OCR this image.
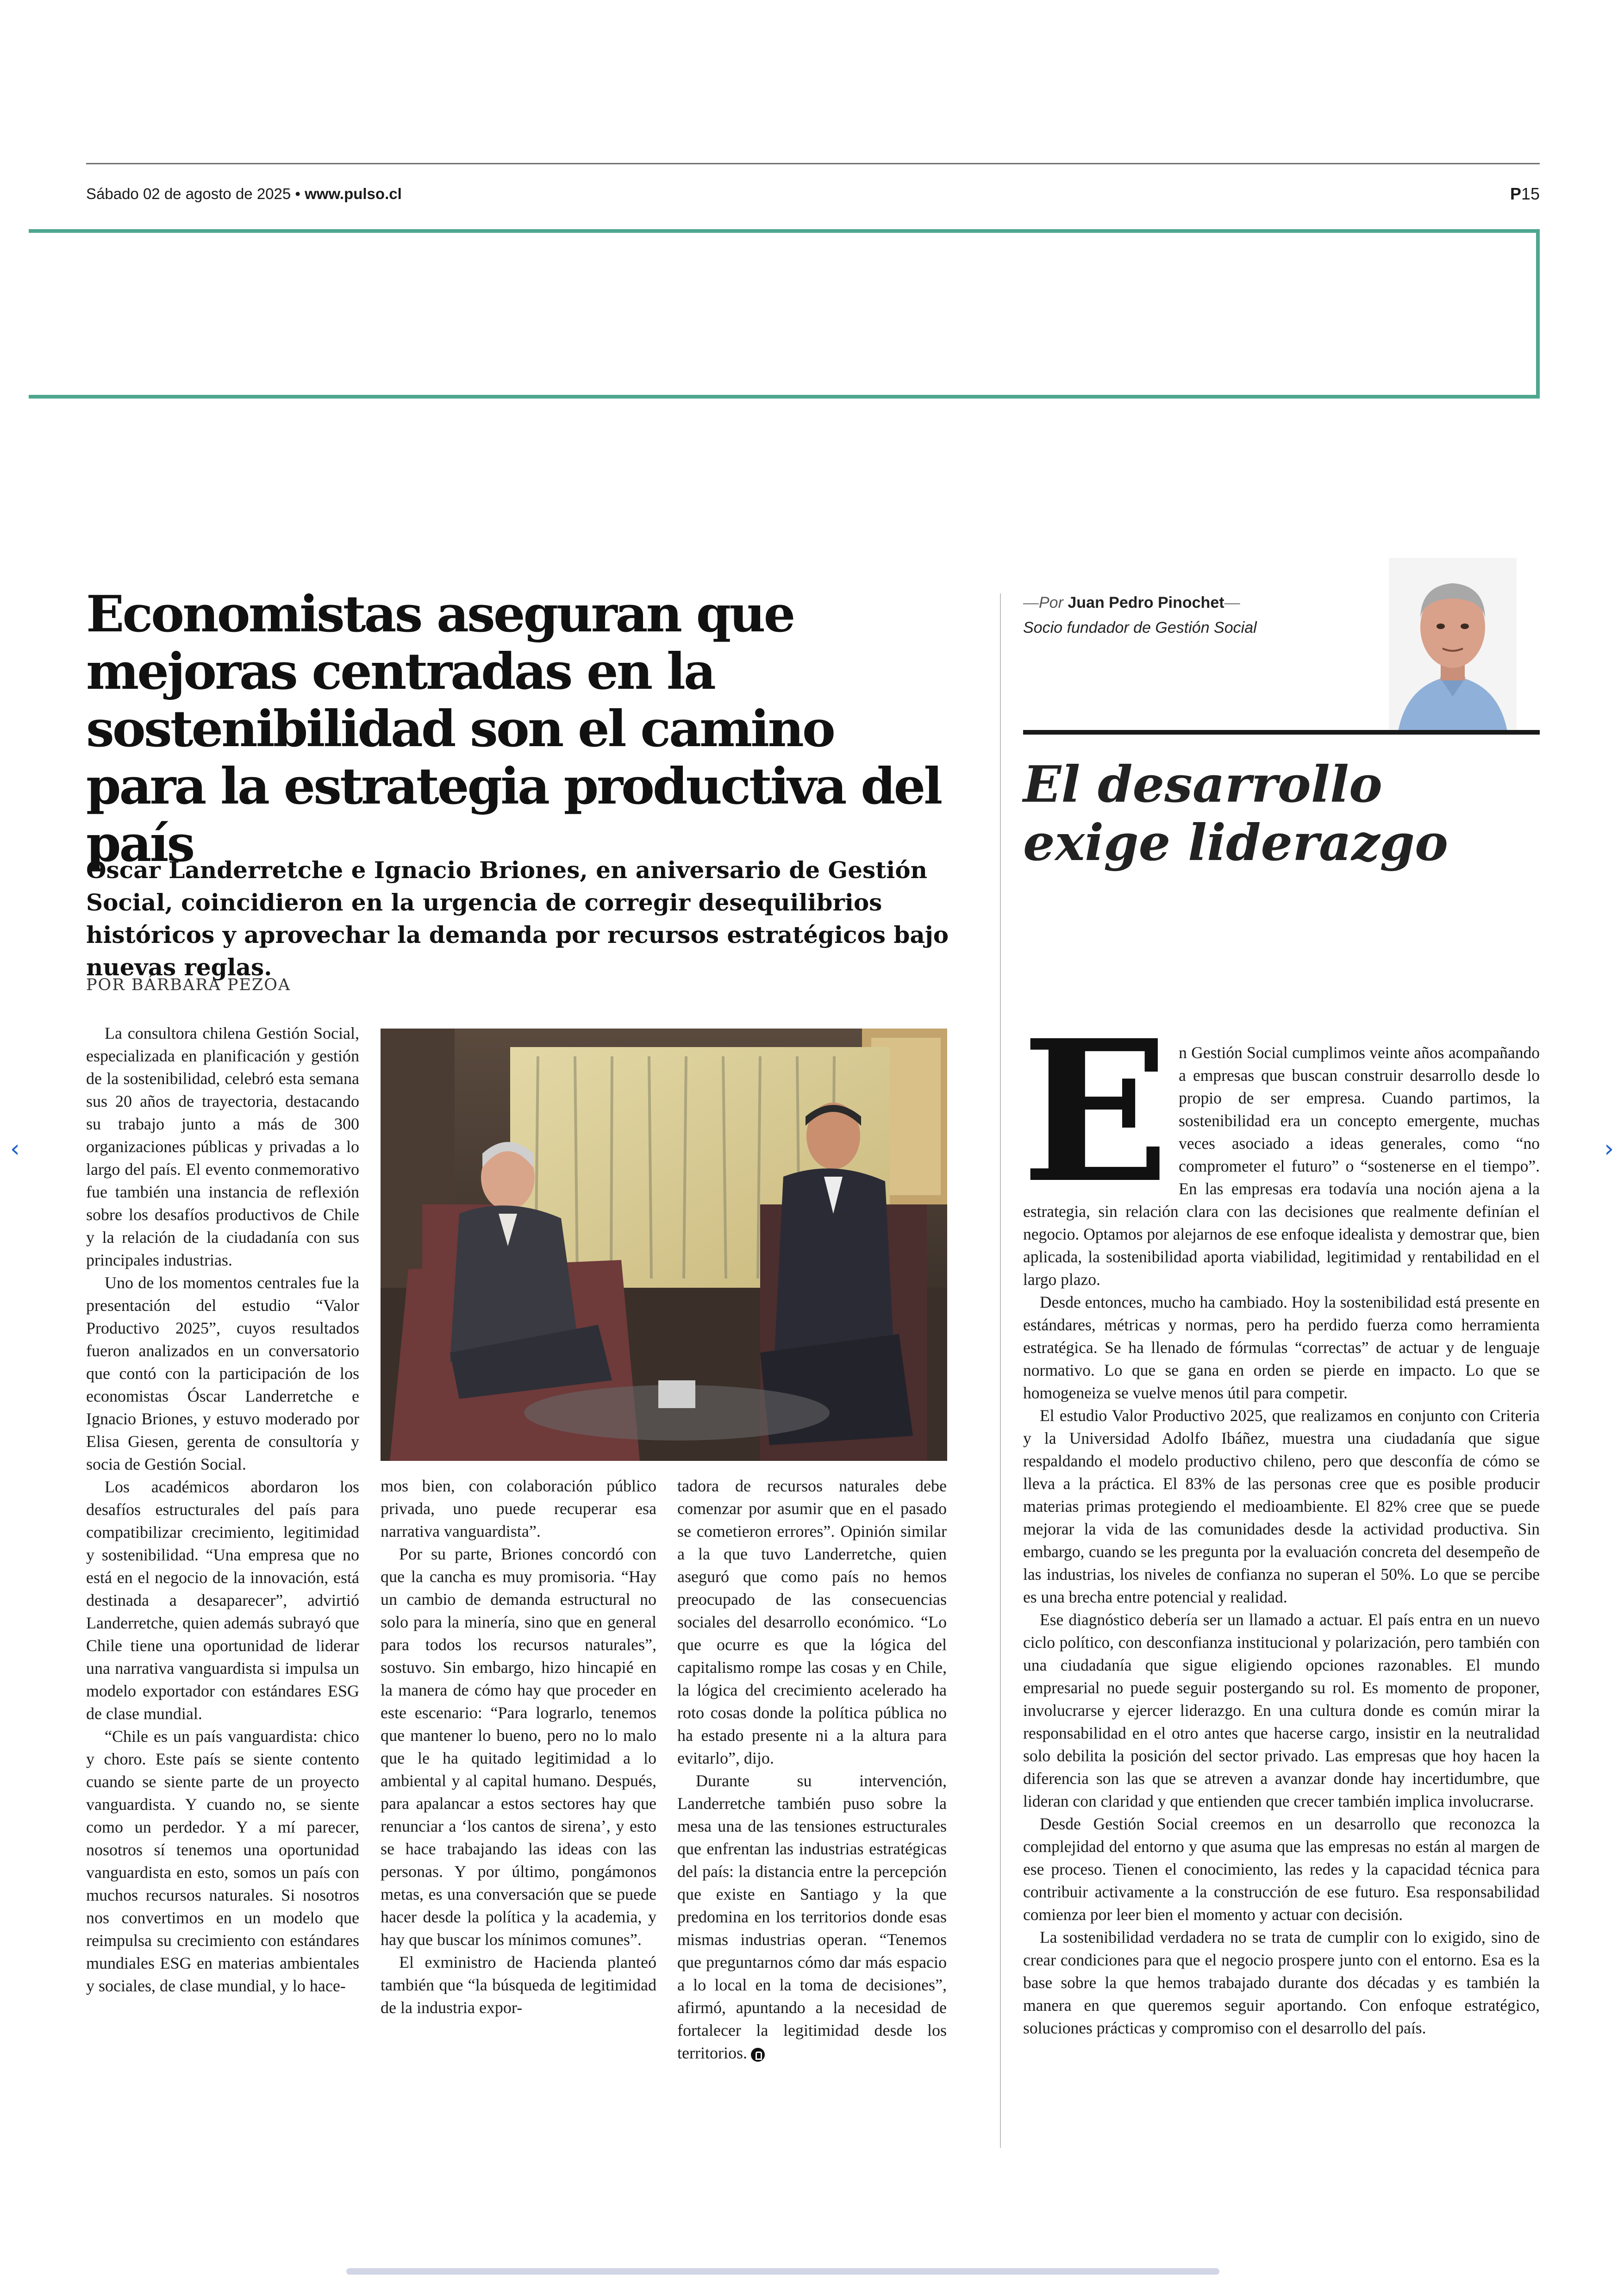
Sábado 02 de agosto de 2025 • www.pulso.cl	P15
Economistas aseguran que mejoras centradas en la sostenibilidad son el camino para la estrategia productiva del país
Oscar Landerretche e Ignacio Briones, en aniversario de Gestión Social, coincidieron en la urgencia de corregir desequilibrios históricos y aprovechar la demanda por recursos estratégicos bajo nuevas reglas.
POR BÁRBARA PEZOA

La consultora chilena Gestión Social, especializada en planificación y gestión de la sostenibilidad, celebró esta semana sus 20 años de trayectoria, destacando su trabajo junto a más de 300 organizaciones públicas y privadas a lo largo del país. El evento conmemorativo fue también una instancia de reflexión sobre los desafíos productivos de Chile y la relación de la ciudadanía con sus principales industrias.

Uno de los momentos centrales fue la presentación del estudio “Valor Productivo 2025”, cuyos resultados fueron analizados en un conversatorio que contó con la participación de los economistas Óscar Landerretche e Ignacio Briones, y estuvo moderado por Elisa Giesen, gerenta de consultoría y socia de Gestión Social.

Los académicos abordaron los desafíos estructurales del país para compatibilizar crecimiento, legitimidad y sostenibilidad. “Una empresa que no está en el negocio de la innovación, está destinada a desaparecer”, advirtió Landerretche, quien además subrayó que Chile tiene una oportunidad de liderar una narrativa vanguardista si impulsa un modelo exportador con estándares ESG de clase mundial.

“Chile es un país vanguardista: chico y choro. Este país se siente contento cuando se siente parte de un proyecto vanguardista. Y cuando no, se siente como un perdedor. Y a mí parecer, nosotros sí tenemos una oportunidad vanguardista en esto, somos un país con muchos recursos naturales. Si nosotros nos convertimos en un modelo que reimpulsa su crecimiento con estándares mundiales ESG en materias ambientales y sociales, de clase mundial, y lo hace-

mos bien, con colaboración público privada, uno puede recuperar esa narrativa vanguardista”.

Por su parte, Briones concordó con que la cancha es muy promisoria. “Hay un cambio de demanda estructural no solo para la minería, sino que en general para todos los recursos naturales”, sostuvo. Sin embargo, hizo hincapié en la manera de cómo hay que proceder en este escenario: “Para lograrlo, tenemos que mantener lo bueno, pero no lo malo que le ha quitado legitimidad a lo ambiental y al capital humano. Después, para apalancar a estos sectores hay que renunciar a ‘los cantos de sirena’, y esto se hace trabajando las ideas con las personas. Y por último, pongámonos metas, es una conversación que se puede hacer desde la política y la academia, y hay que buscar los mínimos comunes”.

El exministro de Hacienda planteó también que “la búsqueda de legitimidad de la industria expor-

tadora de recursos naturales debe comenzar por asumir que en el pasado se cometieron errores”. Opinión similar a la que tuvo Landerretche, quien aseguró que como país no hemos preocupado de las consecuencias sociales del desarrollo económico. “Lo que ocurre es que la lógica del capitalismo rompe las cosas y en Chile, la lógica del crecimiento acelerado ha roto cosas donde la política pública no ha estado presente ni a la altura para evitarlo”, dijo.

Durante su intervención, Landerretche también puso sobre la mesa una de las tensiones estructurales que enfrentan las industrias estratégicas del país: la distancia entre la percepción que existe en Santiago y la que predomina en los territorios donde esas mismas industrias operan. “Tenemos que preguntarnos cómo dar más espacio a lo local en la toma de decisiones”, afirmó, apuntando a la necesidad de fortalecer la legitimidad desde los territorios.

—Por Juan Pedro Pinochet—
Socio fundador de Gestión Social
El desarrollo exige liderazgo

En Gestión Social cumplimos veinte años acompañando a empresas que buscan construir desarrollo desde lo propio de ser empresa. Cuando partimos, la sostenibilidad era un concepto emergente, muchas veces asociado a ideas generales, como “no comprometer el futuro” o “sostenerse en el tiempo”. En las empresas era todavía una noción ajena a la estrategia, sin relación clara con las decisiones que realmente definían el negocio. Optamos por alejarnos de ese enfoque idealista y demostrar que, bien aplicada, la sostenibilidad aporta viabilidad, legitimidad y rentabilidad en el largo plazo.

Desde entonces, mucho ha cambiado. Hoy la sostenibilidad está presente en estándares, métricas y normas, pero ha perdido fuerza como herramienta estratégica. Se ha llenado de fórmulas “correctas” de actuar y de lenguaje normativo. Lo que se gana en orden se pierde en impacto. Lo que se homogeneiza se vuelve menos útil para competir.

El estudio Valor Productivo 2025, que realizamos en conjunto con Criteria y la Universidad Adolfo Ibáñez, muestra una ciudadanía que sigue respaldando el modelo productivo chileno, pero que desconfía de cómo se lleva a la práctica. El 83% de las personas cree que es posible producir materias primas protegiendo el medioambiente. El 82% cree que se puede mejorar la vida de las comunidades desde la actividad productiva. Sin embargo, cuando se les pregunta por la evaluación concreta del desempeño de las industrias, los niveles de confianza no superan el 50%. Lo que se percibe es una brecha entre potencial y realidad.

Ese diagnóstico debería ser un llamado a actuar. El país entra en un nuevo ciclo político, con desconfianza institucional y polarización, pero también con una ciudadanía que sigue eligiendo opciones razonables. El mundo empresarial no puede seguir postergando su rol. Es momento de proponer, involucrarse y ejercer liderazgo. En una cultura donde es común mirar la responsabilidad en el otro antes que hacerse cargo, insistir en la neutralidad solo debilita la posición del sector privado. Las empresas que hoy hacen la diferencia son las que se atreven a avanzar donde hay incertidumbre, que lideran con claridad y que entienden que crecer también implica involucrarse.

Desde Gestión Social creemos en un desarrollo que reconozca la complejidad del entorno y que asuma que las empresas no están al margen de ese proceso. Tienen el conocimiento, las redes y la capacidad técnica para contribuir activamente a la construcción de ese futuro. Esa responsabilidad comienza por leer bien el momento y actuar con decisión.

La sostenibilidad verdadera no se trata de cumplir con lo exigido, sino de crear condiciones para que el negocio prospere junto con el entorno. Esa es la base sobre la que hemos trabajado durante dos décadas y es también la manera en que queremos seguir aportando. Con enfoque estratégico, soluciones prácticas y compromiso con el desarrollo del país.

‹	›
